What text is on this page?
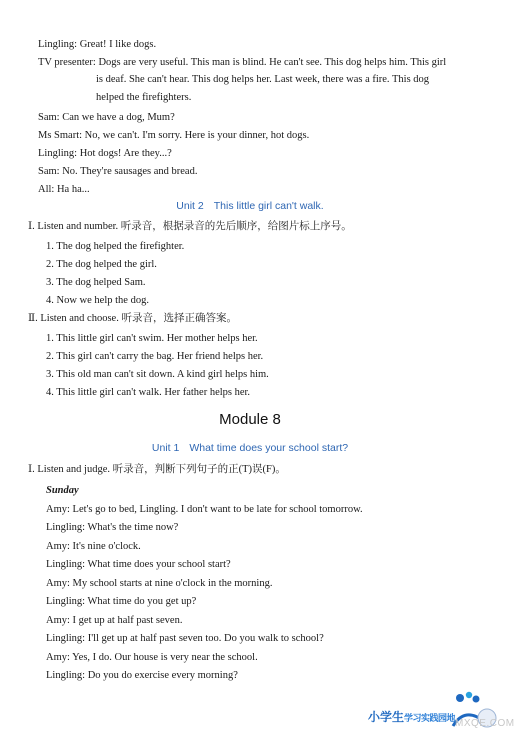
Lingling: Great! I like dogs.
TV presenter: Dogs are very useful. This man is blind. He can't see. This dog helps him. This girl
is deaf. She can't hear. This dog helps her. Last week, there was a fire. This dog
helped the firefighters.
Sam: Can we have a dog, Mum?
Ms Smart: No, we can't. I'm sorry. Here is your dinner, hot dogs.
Lingling: Hot dogs! Are they...?
Sam: No. They're sausages and bread.
All: Ha ha...
Unit 2 This little girl can't walk.
Ⅰ. Listen and number. 听录音，根据录音的先后顺序，给图片标上序号。
1. The dog helped the firefighter.
2. The dog helped the girl.
3. The dog helped Sam.
4. Now we help the dog.
Ⅱ. Listen and choose. 听录音，选择正确答案。
1. This little girl can't swim. Her mother helps her.
2. This girl can't carry the bag. Her friend helps her.
3. This old man can't sit down. A kind girl helps him.
4. This little girl can't walk. Her father helps her.
Module 8
Unit 1 What time does your school start?
Ⅰ. Listen and judge. 听录音，判断下列句子的正(T)误(F)。
Sunday
Amy: Let's go to bed, Lingling. I don't want to be late for school tomorrow.
Lingling: What's the time now?
Amy: It's nine o'clock.
Lingling: What time does your school start?
Amy: My school starts at nine o'clock in the morning.
Lingling: What time do you get up?
Amy: I get up at half past seven.
Lingling: I'll get up at half past seven too. Do you walk to school?
Amy: Yes, I do. Our house is very near the school.
Lingling: Do you do exercise every morning?
小学生学习实践园地 MXQE.COM
